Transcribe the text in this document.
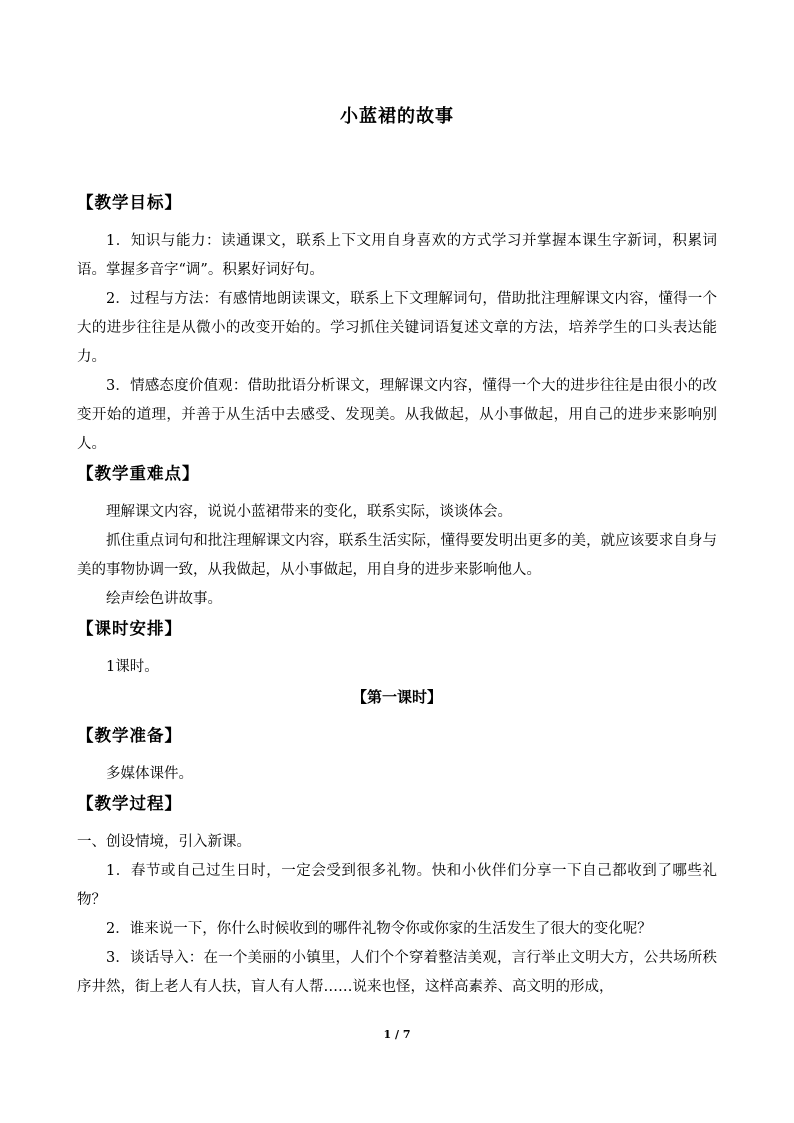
小蓝裙的故事

【教学目标】

1．知识与能力：读通课文，联系上下文用自身喜欢的方式学习并掌握本课生字新词，积累词语。掌握多音字“调”。积累好词好句。

2．过程与方法：有感情地朗读课文，联系上下文理解词句，借助批注理解课文内容，懂得一个大的进步往往是从微小的改变开始的。学习抓住关键词语复述文章的方法，培养学生的口头表达能力。

3．情感态度价值观：借助批语分析课文，理解课文内容，懂得一个大的进步往往是由很小的改变开始的道理，并善于从生活中去感受、发现美。从我做起，从小事做起，用自己的进步来影响别人。

【教学重难点】

理解课文内容，说说小蓝裙带来的变化，联系实际，谈谈体会。

抓住重点词句和批注理解课文内容，联系生活实际，懂得要发明出更多的美，就应该要求自身与美的事物协调一致，从我做起，从小事做起，用自身的进步来影响他人。

绘声绘色讲故事。

【课时安排】

1课时。

【第一课时】

【教学准备】

多媒体课件。

【教学过程】

一、创设情境，引入新课。

1．春节或自己过生日时，一定会受到很多礼物。快和小伙伴们分享一下自己都收到了哪些礼物？

2．谁来说一下，你什么时候收到的哪件礼物令你或你家的生活发生了很大的变化呢？

3．谈话导入：在一个美丽的小镇里，人们个个穿着整洁美观，言行举止文明大方，公共场所秩序井然，街上老人有人扶，盲人有人帮……说来也怪，这样高素养、高文明的形成，

1 / 7
